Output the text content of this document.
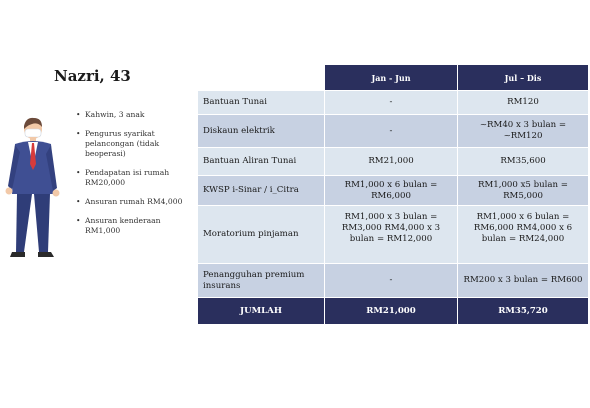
Nazri, 43
• Kahwin, 3 anak
• Pengurus syarikat pelancongan (tidak beoperasi)
• Pendapatan isi rumah RM20,000
• Ansuran rumah RM4,000
• Ansuran kenderaan RM1,000
	Jan - Jun	Jul – Dis
Bantuan Tunai	-	RM120
Diskaun elektrik	-	~RM40 x 3 bulan = ~RM120
Bantuan Aliran Tunai	RM21,000	RM35,600
KWSP i-Sinar / i_Citra	RM1,000 x 6 bulan = RM6,000	RM1,000 x5 bulan = RM5,000

Moratorium pinjaman	RM1,000 x 3 bulan = RM3,000 RM4,000 x 3 bulan = RM12,000	RM1,000 x 6 bulan = RM6,000 RM4,000 x 6 bulan = RM24,000

Penangguhan premium insurans	-	RM200 x 3 bulan = RM600
JUMLAH	RM21,000	RM35,720
